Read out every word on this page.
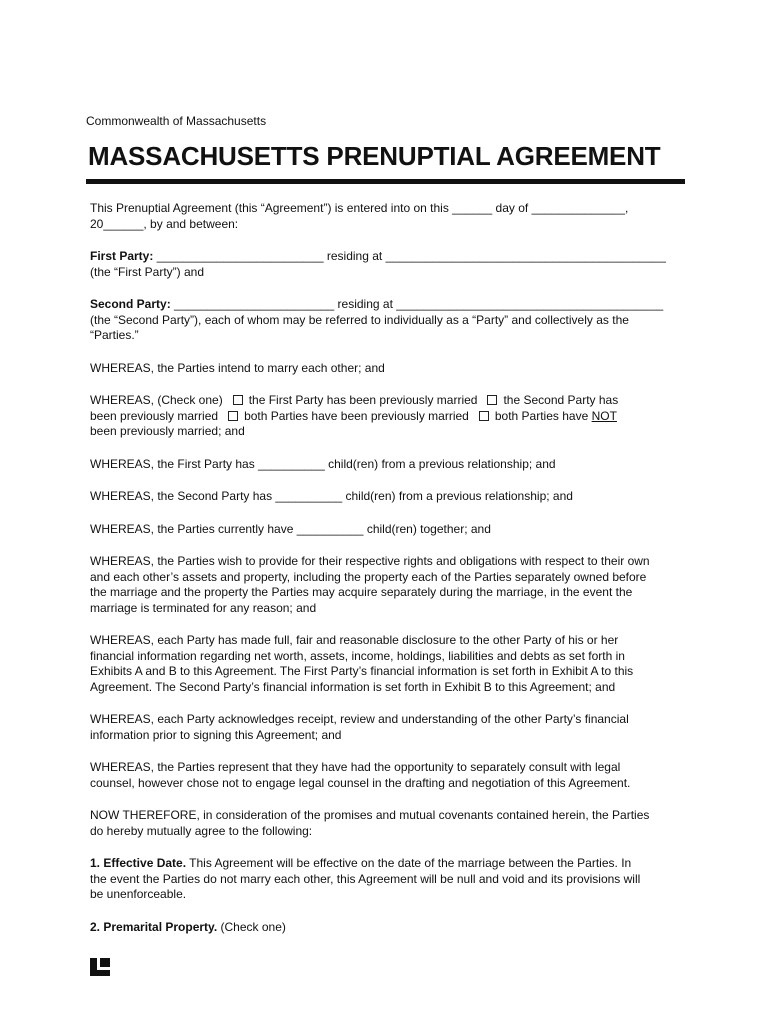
Commonwealth of Massachusetts
MASSACHUSETTS PRENUPTIAL AGREEMENT

This Prenuptial Agreement (this “Agreement”) is entered into on this ______ day of ______________,
20______, by and between:

First Party: _________________________ residing at __________________________________________
(the “First Party”) and

Second Party: ________________________ residing at ________________________________________
(the “Second Party”), each of whom may be referred to individually as a “Party” and collectively as the
“Parties.”

WHEREAS, the Parties intend to marry each other; and

WHEREAS, (Check one) the First Party has been previously married the Second Party has
been previously married both Parties have been previously married both Parties have NOT
been previously married; and

WHEREAS, the First Party has __________ child(ren) from a previous relationship; and

WHEREAS, the Second Party has __________ child(ren) from a previous relationship; and

WHEREAS, the Parties currently have __________ child(ren) together; and

WHEREAS, the Parties wish to provide for their respective rights and obligations with respect to their own
and each other’s assets and property, including the property each of the Parties separately owned before
the marriage and the property the Parties may acquire separately during the marriage, in the event the
marriage is terminated for any reason; and

WHEREAS, each Party has made full, fair and reasonable disclosure to the other Party of his or her
financial information regarding net worth, assets, income, holdings, liabilities and debts as set forth in
Exhibits A and B to this Agreement. The First Party’s financial information is set forth in Exhibit A to this
Agreement. The Second Party’s financial information is set forth in Exhibit B to this Agreement; and

WHEREAS, each Party acknowledges receipt, review and understanding of the other Party’s financial
information prior to signing this Agreement; and

WHEREAS, the Parties represent that they have had the opportunity to separately consult with legal
counsel, however chose not to engage legal counsel in the drafting and negotiation of this Agreement.

NOW THEREFORE, in consideration of the promises and mutual covenants contained herein, the Parties
do hereby mutually agree to the following:

1. Effective Date. This Agreement will be effective on the date of the marriage between the Parties. In
the event the Parties do not marry each other, this Agreement will be null and void and its provisions will
be unenforceable.

2. Premarital Property. (Check one)
